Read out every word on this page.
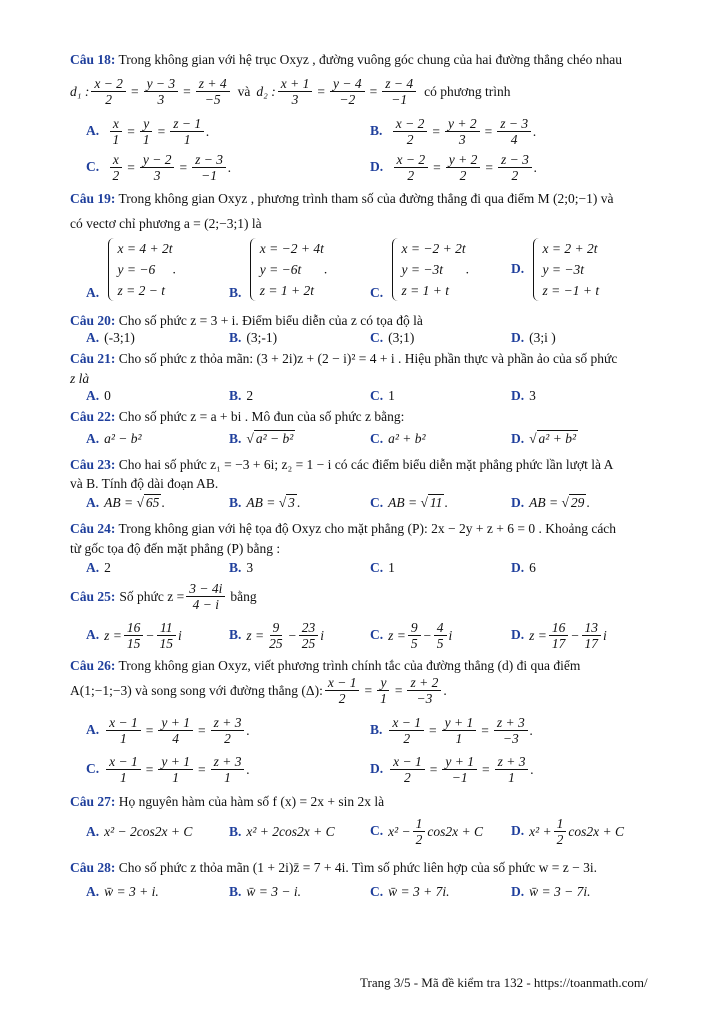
Câu 18: Trong không gian với hệ trục Oxyz , đường vuông góc chung của hai đường thẳng chéo nhau
d₁ : $\frac{x - 2}{2} = \frac{y - 3}{3} = \frac{z + 4}{-5}$ và d₂ : $\frac{x + 1}{3} = \frac{y - 4}{-2} = \frac{z - 4}{-1}$ có phương trình
A. $\frac{x}{1} = \frac{y}{1} = \frac{z - 1}{1}$ .	B. $\frac{x - 2}{2} = \frac{y + 2}{3} = \frac{z - 3}{4}$ .
C. $\frac{x}{2} = \frac{y - 2}{3} = \frac{z - 3}{-1}$ .	D. $\frac{x - 2}{2} = \frac{y + 2}{2} = \frac{z - 3}{2}$ .
Câu 19: Trong không gian Oxyz , phương trình tham số của đường thẳng đi qua điểm M (2;0;−1) và
có vectơ chỉ phương a = (2;−3;1) là
A.
x = 4 + 2t
y = −6
z = 2 − t
.
B.
x = −2 + 4t
y = −6t
z = 1 + 2t
.
C.
x = −2 + 2t
y = −3t
z = 1 + t
.	D.
x = 2 + 2t
y = −3t
z = −1 + t
Câu 20: Cho số phức z = 3 + i. Điểm biểu diễn của z có tọa độ là
A. (-3;1)	B. (3;-1)	C. (3;1)	D. (3;i )
Câu 21: Cho số phức z thỏa mãn: (3 + 2i)z + (2 − i)² = 4 + i . Hiệu phần thực và phần ảo của số phức
z là
A. 0	B. 2	C. 1	D. 3
Câu 22: Cho số phức z = a + bi . Mô đun của số phức z bằng:
A. a² − b²	B. √ a² − b²	C. a² + b²	D. √ a² + b²
Câu 23: Cho hai số phức z₁ = −3 + 6i; z₂ = 1 − i có các điểm biểu diễn mặt phẳng phức lần lượt là A
và B. Tính độ dài đoạn AB.
A. AB = √ 65 .	B. AB = √ 3 .	C. AB = √ 11 .	D. AB = √ 29 .
Câu 24: Trong không gian với hệ tọa độ Oxyz cho mặt phẳng (P): 2x − 2y + z + 6 = 0 . Khoảng cách
từ gốc tọa độ đến mặt phẳng (P) bằng :
A. 2	B. 3	C. 1	D. 6
Câu 25: Số phức $z = \frac{3 - 4i}{4 - i}$ bằng
A. $z = \frac{16}{15} - \frac{11}{15}$ i	B. $z = \frac{9}{25} - \frac{23}{25}$ i	C. $z = \frac{9}{5} - \frac{4}{5}$ i	D. $z = \frac{16}{17} - \frac{13}{17}$ i
Câu 26: Trong không gian Oxyz, viết phương trình chính tắc của đường thẳng (d) đi qua điểm
A(1;−1;−3) và song song với đường thẳng (Δ): $\frac{x - 1}{2} = \frac{y}{1} = \frac{z + 2}{-3}$ .
A. $\frac{x - 1}{1} = \frac{y + 1}{4} = \frac{z + 3}{2}$ .	B. $\frac{x - 1}{2} = \frac{y + 1}{1} = \frac{z + 3}{-3}$ .
C. $\frac{x - 1}{1} = \frac{y + 1}{1} = \frac{z + 3}{1}$ .	D. $\frac{x - 1}{2} = \frac{y + 1}{-1} = \frac{z + 3}{1}$ .
Câu 27: Họ nguyên hàm của hàm số f (x) = 2x + sin 2x là
A. x² − 2cos2x + C	B. x² + 2cos2x + C	C. $x^2 - \frac{1}{2} \cos 2x + C$ D. $x^2 + \frac{1}{2} \cos 2x + C$
Câu 28: Cho số phức z thỏa mãn (1 + 2i)z̄ = 7 + 4i. Tìm số phức liên hợp của số phức w = z − 3i.
A. w̄ = 3 + i.	B. w̄ = 3 − i.	C. w̄ = 3 + 7i.	D. w̄ = 3 − 7i.
Trang 3/5 - Mã đề kiểm tra 132 - https://toanmath.com/
